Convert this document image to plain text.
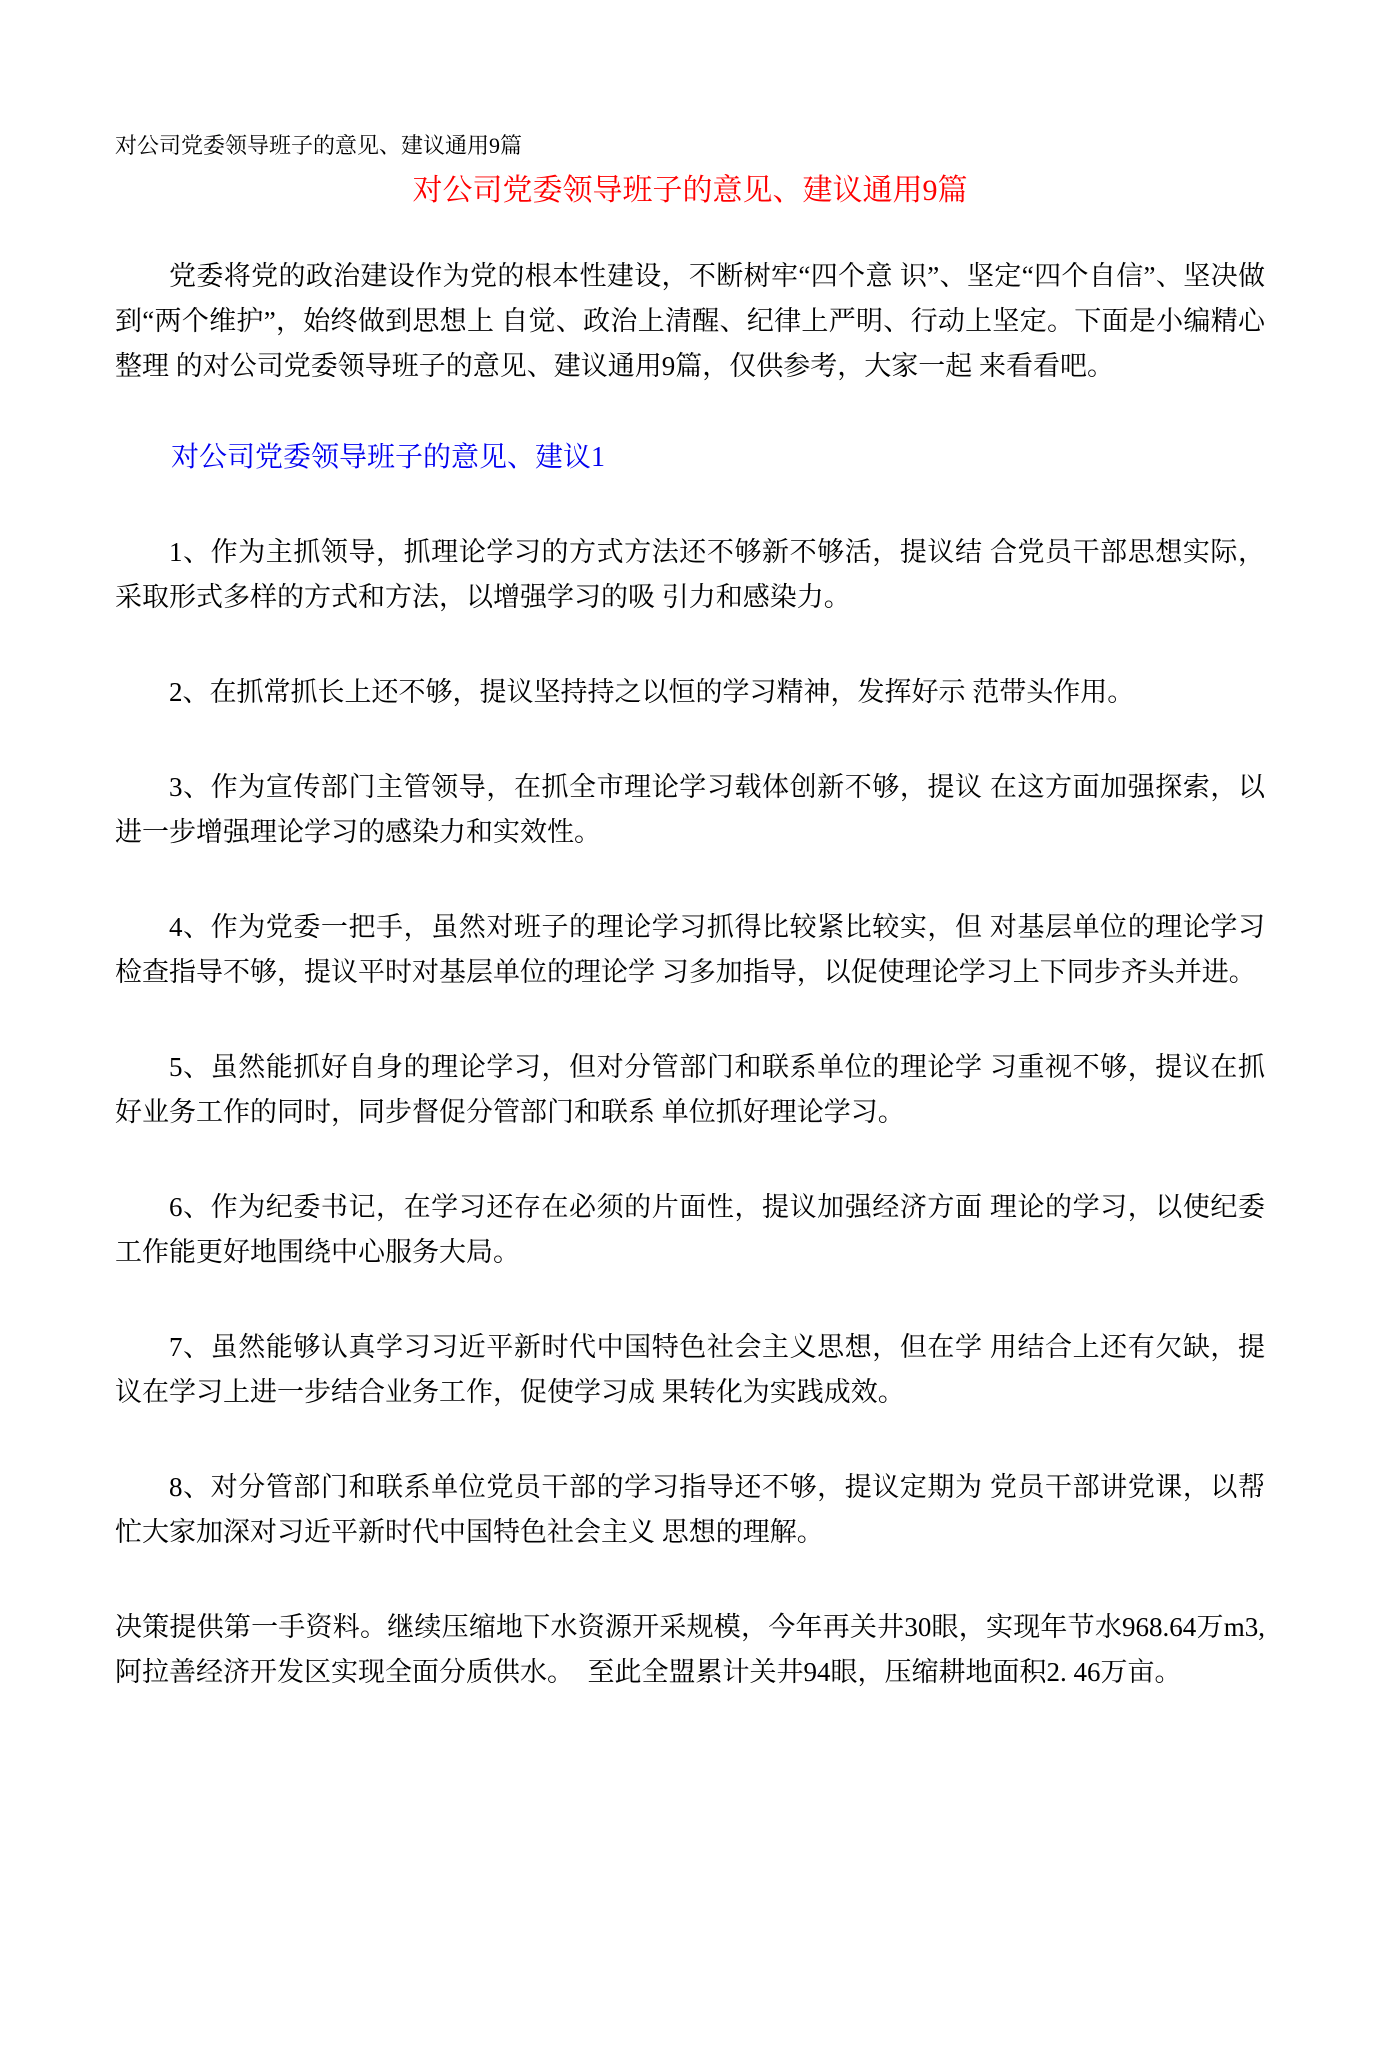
对公司党委领导班子的意见、建议通用9篇
对公司党委领导班子的意见、建议通用9篇

党委将党的政治建设作为党的根本性建设，不断树牢“四个意 识”、坚定“四个自信”、坚决做到“两个维护”，始终做到思想上 自觉、政治上清醒、纪律上严明、行动上坚定。下面是小编精心整理 的对公司党委领导班子的意见、建议通用9篇，仅供参考，大家一起 来看看吧。

对公司党委领导班子的意见、建议1

1、作为主抓领导，抓理论学习的方式方法还不够新不够活，提议结 合党员干部思想实际，采取形式多样的方式和方法，以增强学习的吸 引力和感染力。

2、在抓常抓长上还不够，提议坚持持之以恒的学习精神，发挥好示 范带头作用。

3、作为宣传部门主管领导，在抓全市理论学习载体创新不够，提议 在这方面加强探索，以进一步增强理论学习的感染力和实效性。

4、作为党委一把手，虽然对班子的理论学习抓得比较紧比较实，但 对基层单位的理论学习检查指导不够，提议平时对基层单位的理论学 习多加指导，以促使理论学习上下同步齐头并进。

5、虽然能抓好自身的理论学习，但对分管部门和联系单位的理论学 习重视不够，提议在抓好业务工作的同时，同步督促分管部门和联系 单位抓好理论学习。

6、作为纪委书记，在学习还存在必须的片面性，提议加强经济方面 理论的学习，以使纪委工作能更好地围绕中心服务大局。

7、虽然能够认真学习习近平新时代中国特色社会主义思想，但在学 用结合上还有欠缺，提议在学习上进一步结合业务工作，促使学习成 果转化为实践成效。

8、对分管部门和联系单位党员干部的学习指导还不够，提议定期为 党员干部讲党课，以帮忙大家加深对习近平新时代中国特色社会主义 思想的理解。

决策提供第一手资料。继续压缩地下水资源开采规模，今年再关井30眼，实现年节水968.64万m3,阿拉善经济开发区实现全面分质供水。　至此全盟累计关井94眼，压缩耕地面积2. 46万亩。
